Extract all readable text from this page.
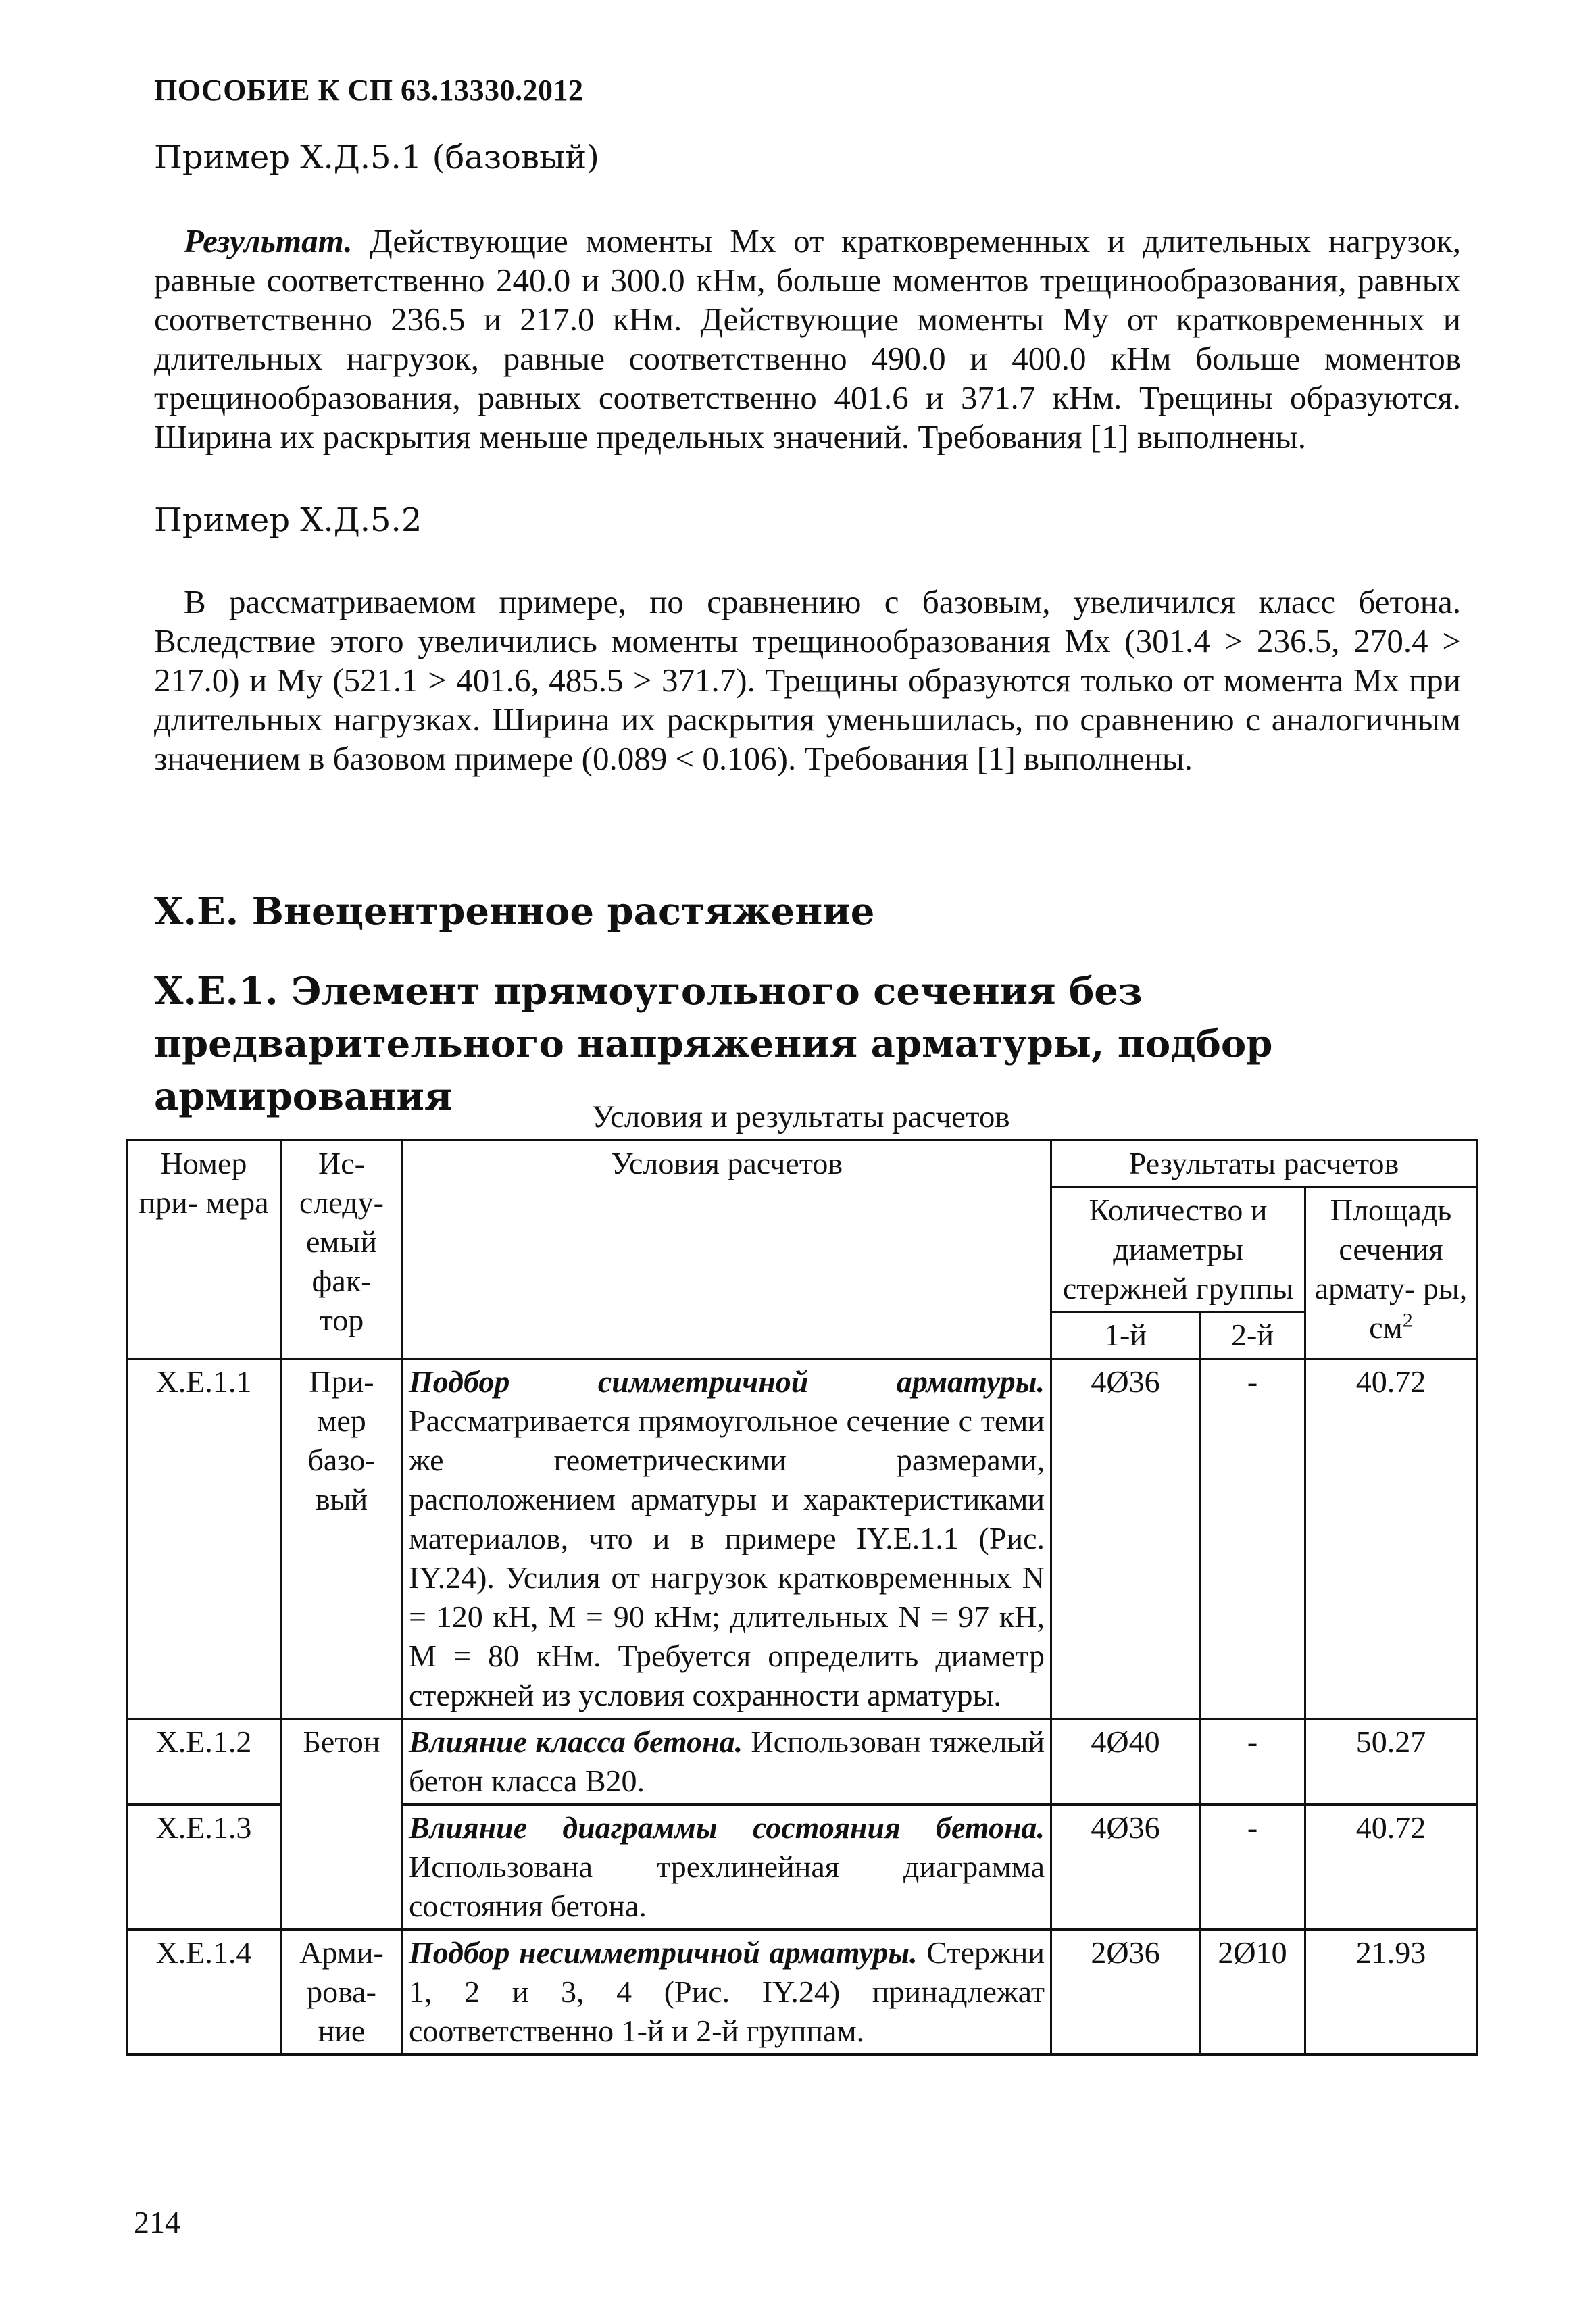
ПОСОБИЕ К СП 63.13330.2012
Пример Х.Д.5.1 (базовый)

Результат. Действующие моменты Mx от кратковременных и длительных нагрузок, равные соответственно 240.0 и 300.0 кНм, больше моментов трещинообразования, равных соответственно 236.5 и 217.0 кНм. Действующие моменты My от кратковременных и длительных нагрузок, равные соответственно 490.0 и 400.0 кНм больше моментов трещинообразования, равных соответственно 401.6 и 371.7 кНм. Трещины образуются. Ширина их раскрытия меньше предельных значений. Требования [1] выполнены.

Пример Х.Д.5.2

В рассматриваемом примере, по сравнению с базовым, увеличился класс бетона. Вследствие этого увеличились моменты трещинообразования Mx (301.4 > 236.5, 270.4 > 217.0) и My (521.1 > 401.6, 485.5 > 371.7). Трещины образуются только от момента Mx при длительных нагрузках. Ширина их раскрытия уменьшилась, по сравнению с аналогичным значением в базовом примере (0.089 < 0.106). Требования [1] выполнены.

Х.Е. Внецентренное растяжение
Х.Е.1. Элемент прямоугольного сечения без предварительного напряжения арматуры, подбор армирования	Условия и результаты расчетов
Номер при- мера	Ис- следу- емый фак- тор	Условия расчетов	Результаты расчетов		
			Количество и диаметры стержней группы		Площадь сечения армату- ры, $см^2$
			1-й	2-й	
Х.Е.1.1	При- мер базо- вый	Подбор симметричной арматуры. Рассматривается прямоугольное сечение с теми же геометрическими размерами, расположением арматуры и характеристиками материалов, что и в примере IY.E.1.1 (Рис. IY.24). Усилия от нагрузок кратковременных N = 120 кН, M = 90 кНм; длительных N = 97 кН, M = 80 кНм. Требуется определить диаметр стержней из условия сохранности арматуры.	4Ø36	-	40.72
Х.Е.1.2	Бетон	Влияние класса бетона. Использован тяжелый бетон класса В20.	4Ø40	-	50.27
Х.Е.1.3		Влияние диаграммы состояния бетона. Использована трехлинейная диаграмма состояния бетона.	4Ø36	-	40.72
Х.Е.1.4	Арми- рова- ние	Подбор несимметричной арматуры. Стержни 1, 2 и 3, 4 (Рис. IY.24) принадлежат соответственно 1-й и 2-й группам.	2Ø36	2Ø10	21.93
214
